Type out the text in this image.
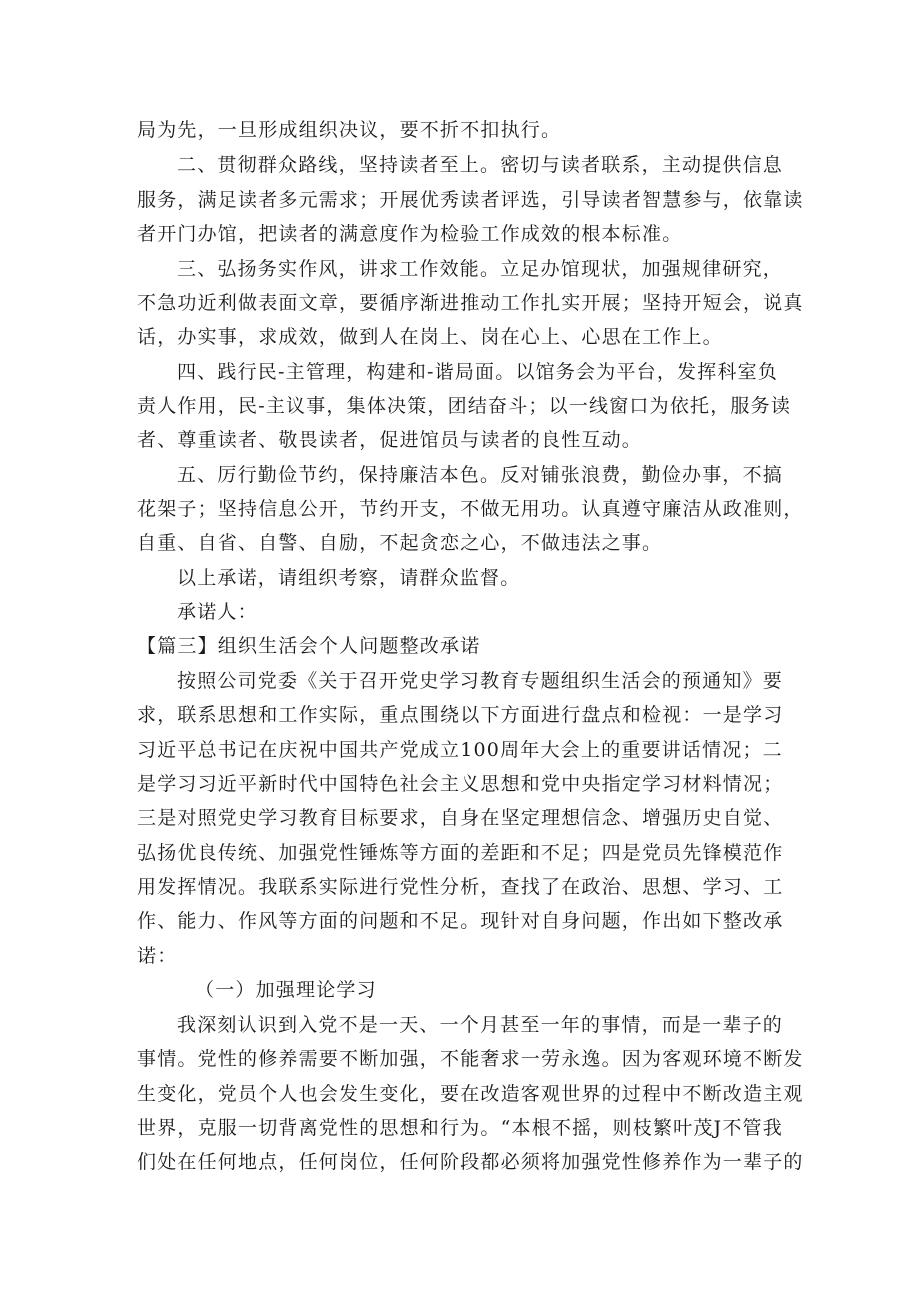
局为先，一旦形成组织决议，要不折不扣执行。

二、贯彻群众路线，坚持读者至上。密切与读者联系，主动提供信息

服务，满足读者多元需求；开展优秀读者评选，引导读者智慧参与，依靠读

者开门办馆，把读者的满意度作为检验工作成效的根本标准。

三、弘扬务实作风，讲求工作效能。立足办馆现状，加强规律研究，

不急功近利做表面文章，要循序渐进推动工作扎实开展；坚持开短会，说真

话，办实事，求成效，做到人在岗上、岗在心上、心思在工作上。

四、践行民-主管理，构建和-谐局面。以馆务会为平台，发挥科室负

责人作用，民-主议事，集体决策，团结奋斗；以一线窗口为依托，服务读

者、尊重读者、敬畏读者，促进馆员与读者的良性互动。

五、厉行勤俭节约，保持廉洁本色。反对铺张浪费，勤俭办事，不搞

花架子；坚持信息公开，节约开支，不做无用功。认真遵守廉洁从政准则，

自重、自省、自警、自励，不起贪恋之心，不做违法之事。

以上承诺，请组织考察，请群众监督。

承诺人：

【篇三】组织生活会个人问题整改承诺

按照公司党委《关于召开党史学习教育专题组织生活会的预通知》要

求，联系思想和工作实际，重点围绕以下方面进行盘点和检视：一是学习

习近平总书记在庆祝中国共产党成立100周年大会上的重要讲话情况；二

是学习习近平新时代中国特色社会主义思想和党中央指定学习材料情况；

三是对照党史学习教育目标要求，自身在坚定理想信念、增强历史自觉、

弘扬优良传统、加强党性锤炼等方面的差距和不足；四是党员先锋模范作

用发挥情况。我联系实际进行党性分析，查找了在政治、思想、学习、工

作、能力、作风等方面的问题和不足。现针对自身问题，作出如下整改承

诺：

（一）加强理论学习

我深刻认识到入党不是一天、一个月甚至一年的事情，而是一辈子的

事情。党性的修养需要不断加强，不能奢求一劳永逸。因为客观环境不断发

生变化，党员个人也会发生变化，要在改造客观世界的过程中不断改造主观

世界，克服一切背离党性的思想和行为。“本根不摇，则枝繁叶茂J不管我

们处在任何地点，任何岗位，任何阶段都必须将加强党性修养作为一辈子的
